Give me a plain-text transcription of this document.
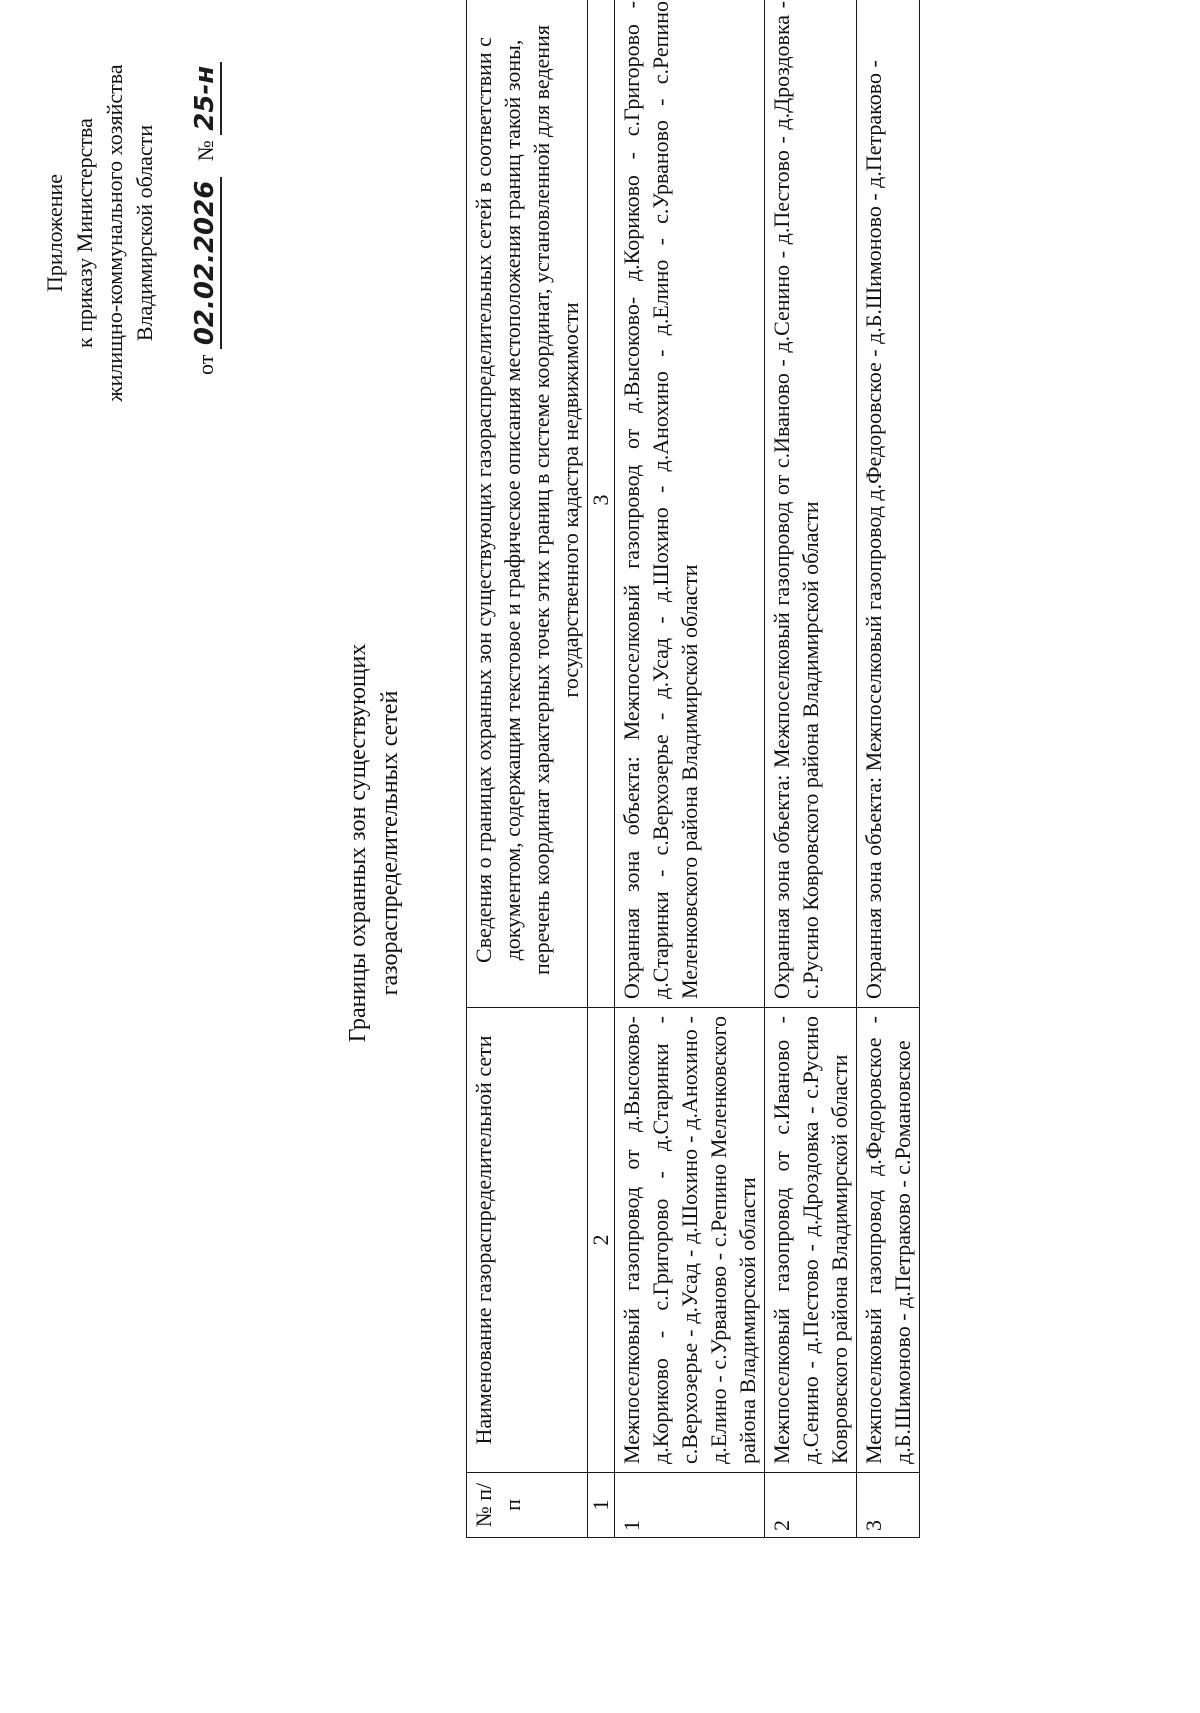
Приложение к приказу Министерства жилищно-коммунального хозяйства Владимирской области
от 02.02.2026 № 25-н
Границы охранных зон существующих газораспределительных сетей
№ п/п	Наименование газораспределительной сети	Сведения о границах охранных зон существующих газораспределительных сетей в соответствии с документом, содержащим текстовое и графическое описания местоположения границ такой зоны, перечень координат характерных точек этих границ в системе координат, установленной для ведения государственного кадастра недвижимости
1	2	3
1	Межпоселковый газопровод от д.Высоково-д.Кориково - с.Григорово - д.Старинки - с.Верхозерье - д.Усад - д.Шохино - д.Анохино - д.Елино - с.Урваново - с.Репино Меленковского района Владимирской области	Охранная зона объекта: Межпоселковый газопровод от д.Высоково- д.Кориково - с.Григорово - д.Старинки - с.Верхозерье - д.Усад - д.Шохино - д.Анохино - д.Елино - с.Урваново - с.Репино Меленковского района Владимирской области
2	Межпоселковый газопровод от с.Иваново - д.Сенино - д.Пестово - д.Дроздовка - с.Русино Ковровского района Владимирской области	Охранная зона объекта: Межпоселковый газопровод от с.Иваново - д.Сенино - д.Пестово - д.Дроздовка - с.Русино Ковровского района Владимирской области
3	Межпоселковый газопровод д.Федоровское - д.Б.Шимоново - д.Петраково - с.Романовское	Охранная зона объекта: Межпоселковый газопровод д.Федоровское - д.Б.Шимоново - д.Петраково -
